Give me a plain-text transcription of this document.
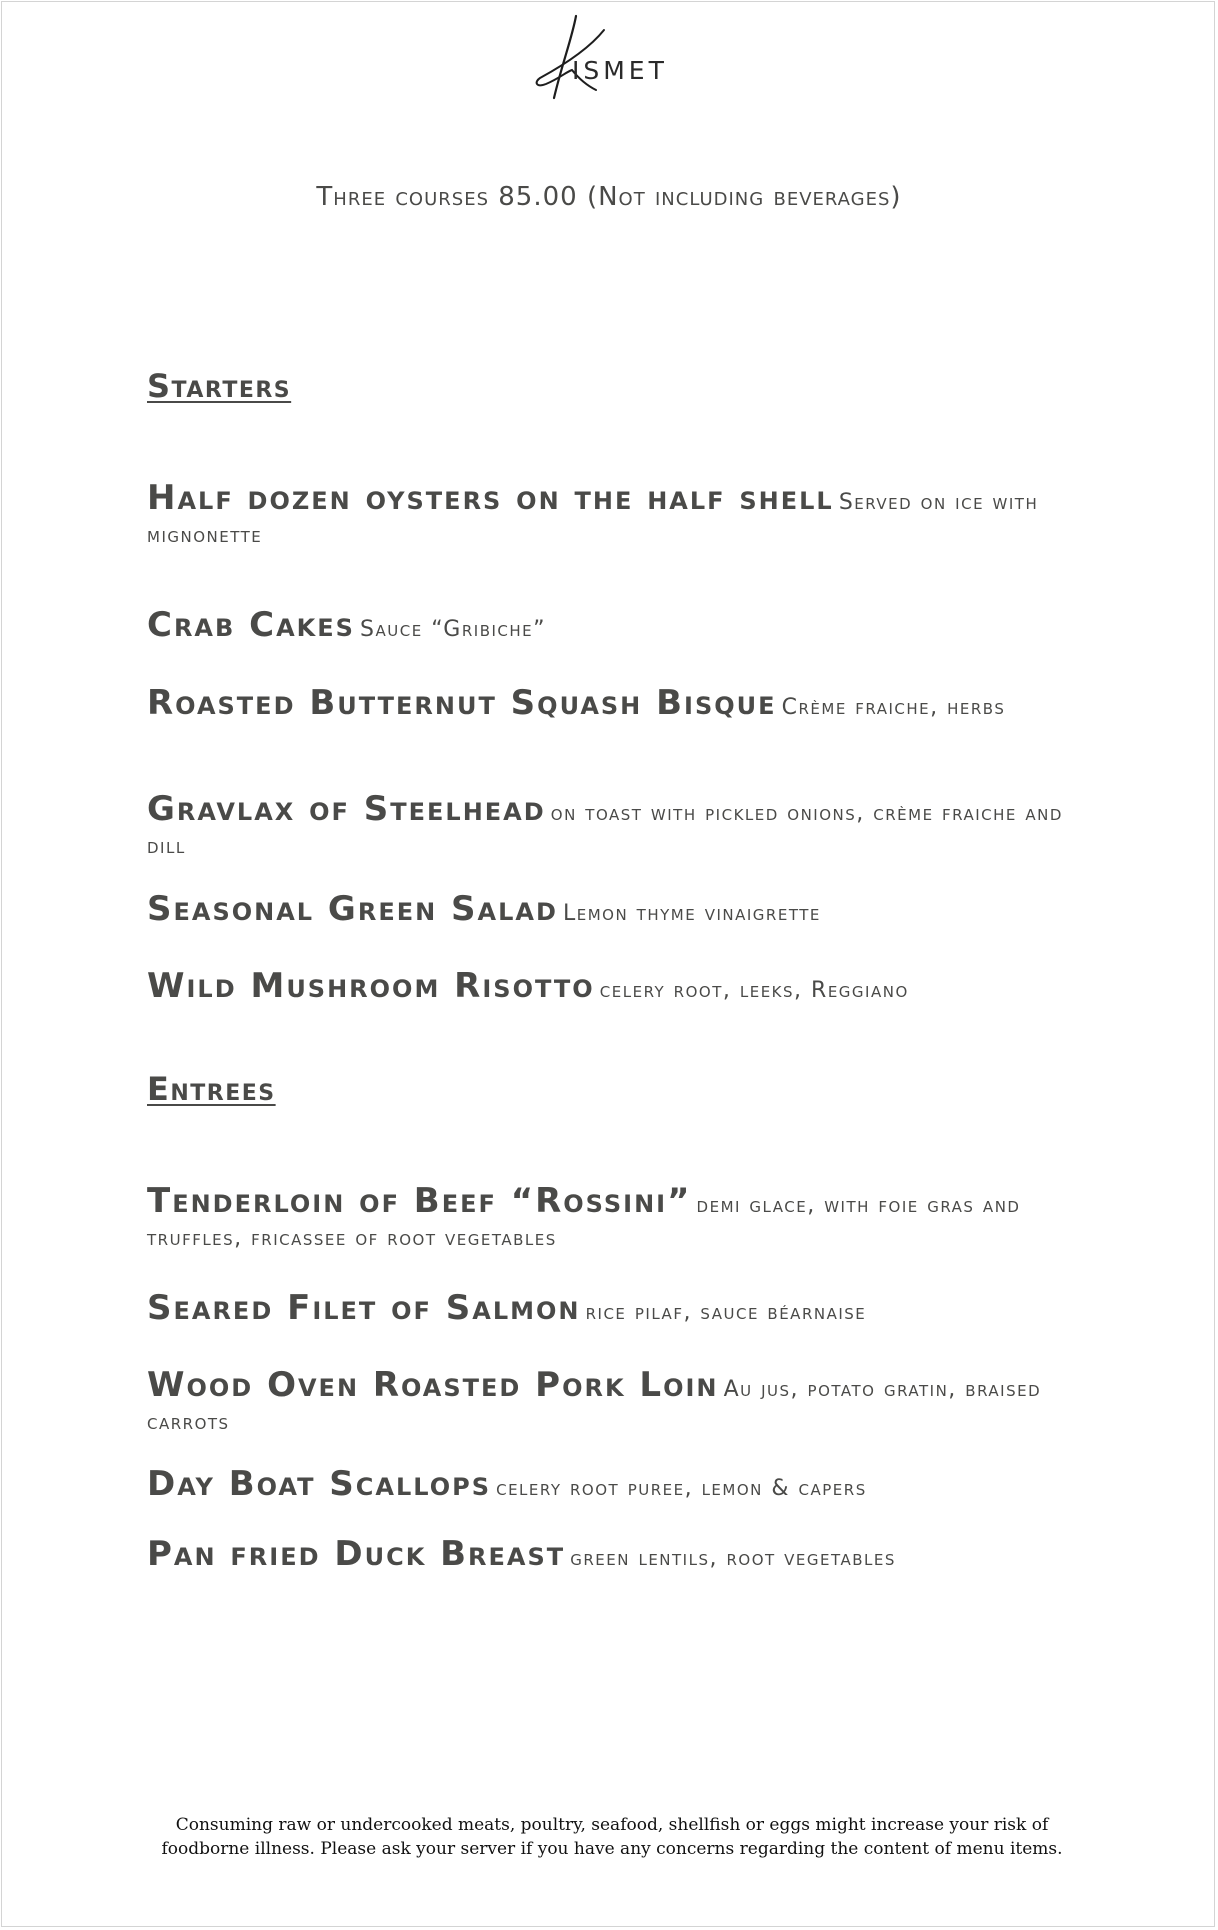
ISMET
Three courses 85.00 (Not including beverages)
Starters
Half dozen oysters on the half shell Served on ice with mignonette
Crab Cakes Sauce “Gribiche”
Roasted Butternut Squash Bisque Crème fraiche, herbs
Gravlax of Steelhead on toast with pickled onions, crème fraiche and dill
Seasonal Green Salad Lemon thyme vinaigrette
Wild Mushroom Risotto celery root, leeks, Reggiano
Entrees
Tenderloin of Beef “Rossini” demi glace, with foie gras and truffles, fricassee of root vegetables
Seared Filet of Salmon rice pilaf, sauce béarnaise
Wood Oven Roasted Pork Loin Au jus, potato gratin, braised carrots
Day Boat Scallops celery root puree, lemon & capers
Pan fried Duck Breast green lentils, root vegetables
Consuming raw or undercooked meats, poultry, seafood, shellfish or eggs might increase your risk of foodborne illness. Please ask your server if you have any concerns regarding the content of menu items.
